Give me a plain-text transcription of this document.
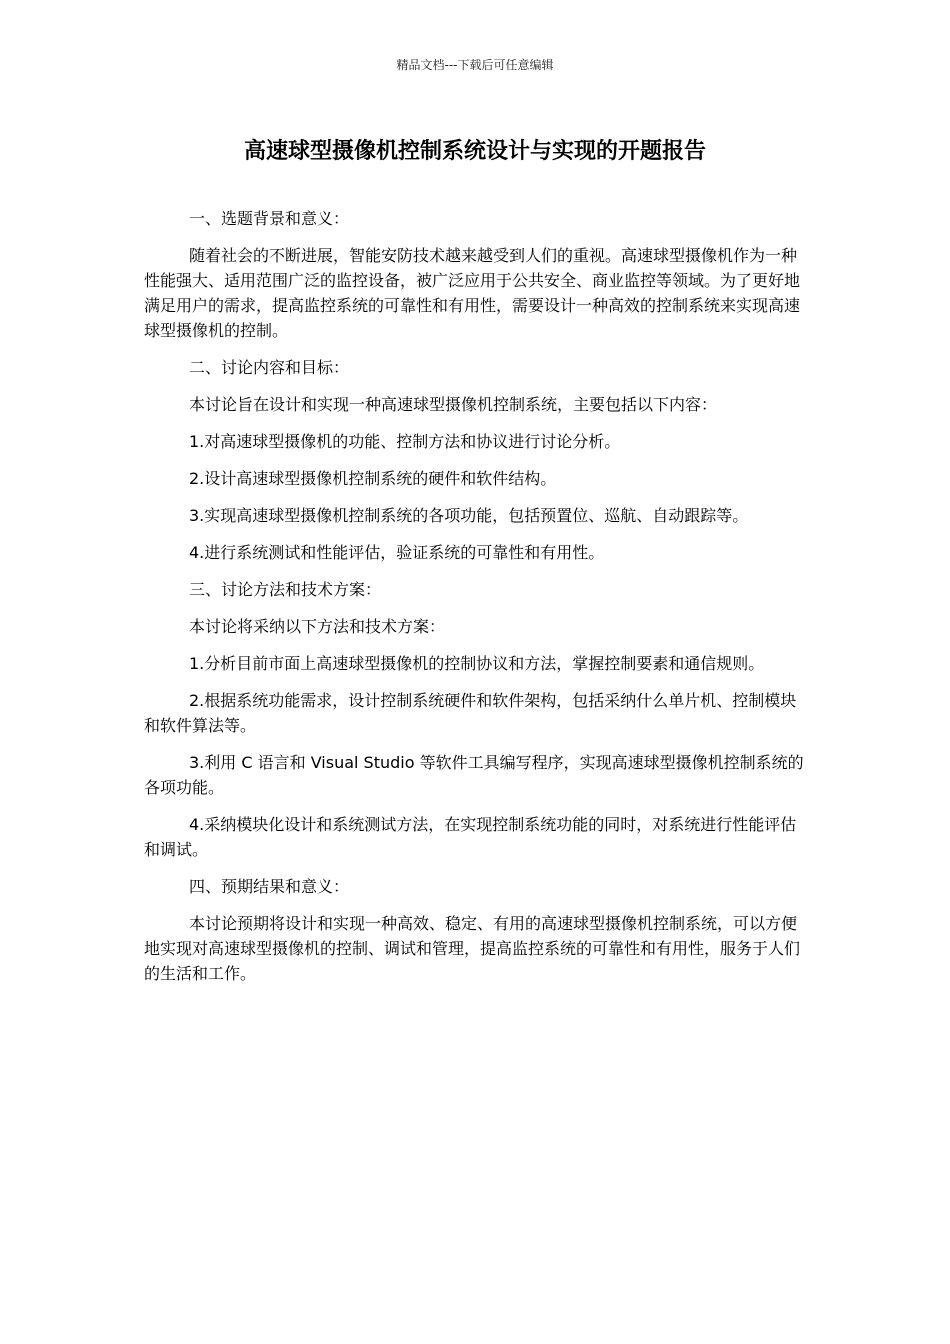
精品文档---下载后可任意编辑
高速球型摄像机控制系统设计与实现的开题报告

一、选题背景和意义：

随着社会的不断进展，智能安防技术越来越受到人们的重视。高速球型摄像机作为一种性能强大、适用范围广泛的监控设备，被广泛应用于公共安全、商业监控等领域。为了更好地满足用户的需求，提高监控系统的可靠性和有用性，需要设计一种高效的控制系统来实现高速球型摄像机的控制。

二、讨论内容和目标：

本讨论旨在设计和实现一种高速球型摄像机控制系统，主要包括以下内容：

1.对高速球型摄像机的功能、控制方法和协议进行讨论分析。

2.设计高速球型摄像机控制系统的硬件和软件结构。

3.实现高速球型摄像机控制系统的各项功能，包括预置位、巡航、自动跟踪等。

4.进行系统测试和性能评估，验证系统的可靠性和有用性。

三、讨论方法和技术方案：

本讨论将采纳以下方法和技术方案：

1.分析目前市面上高速球型摄像机的控制协议和方法，掌握控制要素和通信规则。

2.根据系统功能需求，设计控制系统硬件和软件架构，包括采纳什么单片机、控制模块和软件算法等。

3.利用 C 语言和 Visual Studio 等软件工具编写程序，实现高速球型摄像机控制系统的各项功能。

4.采纳模块化设计和系统测试方法，在实现控制系统功能的同时，对系统进行性能评估和调试。

四、预期结果和意义：

本讨论预期将设计和实现一种高效、稳定、有用的高速球型摄像机控制系统，可以方便地实现对高速球型摄像机的控制、调试和管理，提高监控系统的可靠性和有用性，服务于人们的生活和工作。
